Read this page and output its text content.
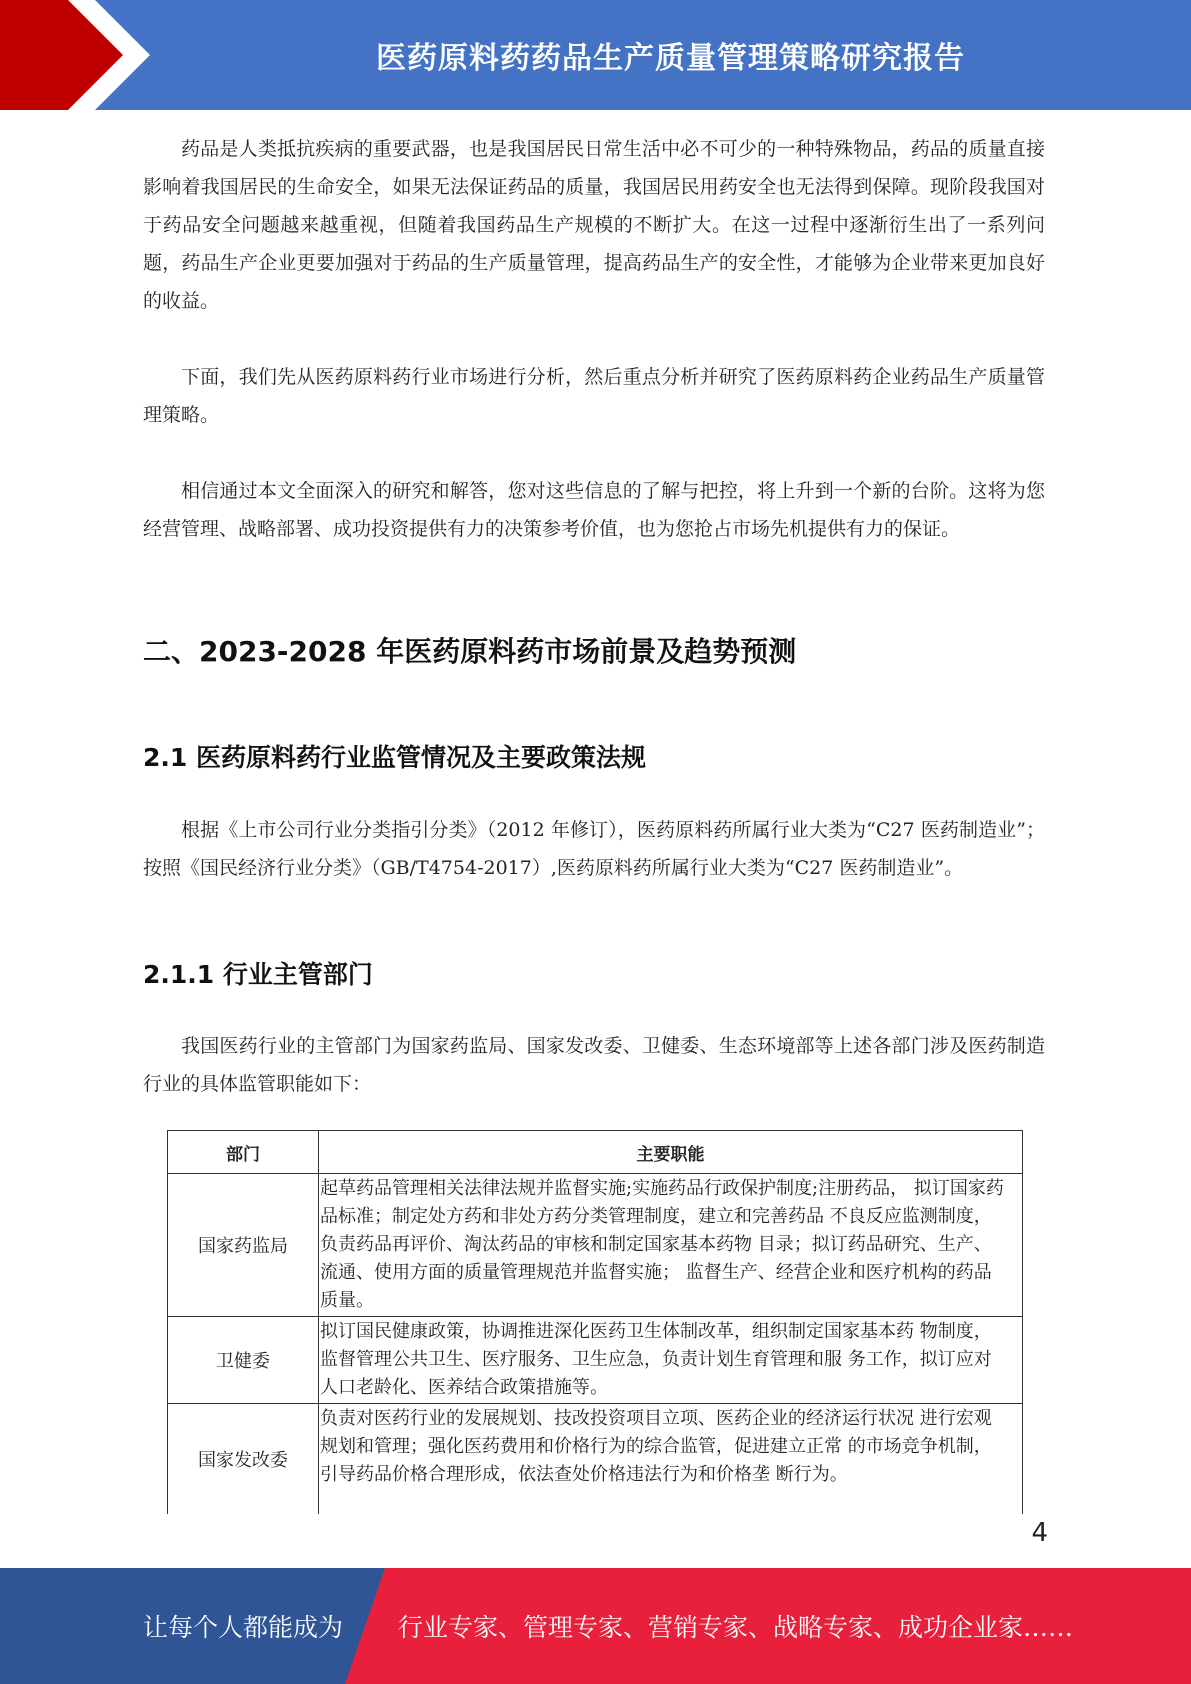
医药原料药药品生产质量管理策略研究报告

药品是人类抵抗疾病的重要武器，也是我国居民日常生活中必不可少的一种特殊物品，药品的质量直接影响着我国居民的生命安全，如果无法保证药品的质量，我国居民用药安全也无法得到保障。现阶段我国对于药品安全问题越来越重视，但随着我国药品生产规模的不断扩大。在这一过程中逐渐衍生出了一系列问题，药品生产企业更要加强对于药品的生产质量管理，提高药品生产的安全性，才能够为企业带来更加良好的收益。

下面，我们先从医药原料药行业市场进行分析，然后重点分析并研究了医药原料药企业药品生产质量管理策略。

相信通过本文全面深入的研究和解答，您对这些信息的了解与把控，将上升到一个新的台阶。这将为您经营管理、战略部署、成功投资提供有力的决策参考价值，也为您抢占市场先机提供有力的保证。

二、2023-2028 年医药原料药市场前景及趋势预测
2.1 医药原料药行业监管情况及主要政策法规

根据《上市公司行业分类指引分类》（2012 年修订），医药原料药所属行业大类为“C27 医药制造业”；按照《国民经济行业分类》（GB/T4754-2017）,医药原料药所属行业大类为“C27 医药制造业”。

2.1.1 行业主管部门

我国医药行业的主管部门为国家药监局、国家发改委、卫健委、生态环境部等上述各部门涉及医药制造行业的具体监管职能如下：

部门	主要职能
国家药监局	起草药品管理相关法律法规并监督实施;实施药品行政保护制度;注册药品， 拟订国家药品标准；制定处方药和非处方药分类管理制度，建立和完善药品 不良反应监测制度，负责药品再评价、淘汰药品的审核和制定国家基本药物 目录；拟订药品研究、生产、流通、使用方面的质量管理规范并监督实施； 监督生产、经营企业和医疗机构的药品质量。
卫健委	拟订国民健康政策，协调推进深化医药卫生体制改革，组织制定国家基本药 物制度，监督管理公共卫生、医疗服务、卫生应急，负责计划生育管理和服 务工作，拟订应对人口老龄化、医养结合政策措施等。
国家发改委	负责对医药行业的发展规划、技改投资项目立项、医药企业的经济运行状况 进行宏观规划和管理；强化医药费用和价格行为的综合监管，促进建立正常 的市场竞争机制，引导药品价格合理形成，依法查处价格违法行为和价格垄 断行为。
4
让每个人都能成为 行业专家、管理专家、营销专家、战略专家、成功企业家……
